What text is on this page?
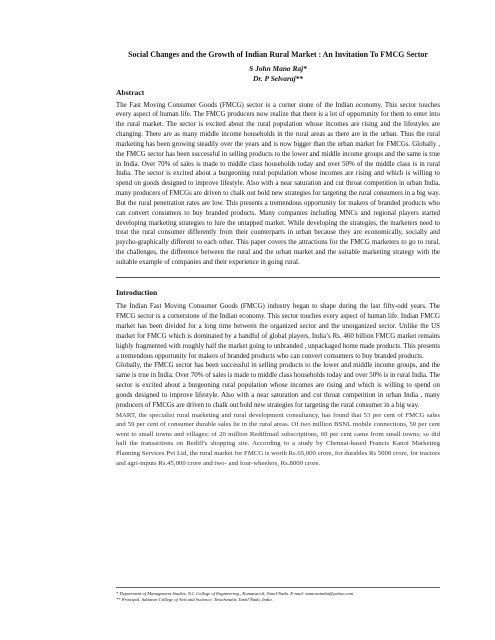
Social Changes and the Growth of Indian Rural Market : An Invitation To FMCG Sector
S John Mano Raj*
Dr. P Selvaraj**
Abstract

The Fast Moving Consumer Goods (FMCG) sector is a corner stone of the Indian economy. This sector touches every aspect of human life. The FMCG producers now realize that there is a lot of opportunity for them to enter into the rural market. The sector is excited about the rural population whose incomes are rising and the lifestyles are changing. There are as many middle income households in the rural areas as there are in the urban. Thus the rural marketing has been growing steadily over the years and is now bigger than the urban market for FMCGs. Globally , the FMCG sector has been successful in selling products to the lower and middle income groups and the same is true in India. Over 70% of sales is made to middle class households today and over 50% of the middle class is in rural India. The sector is excited about a burgeoning rural population whose incomes are rising and which is willing to spend on goods designed to improve lifestyle. Also with a near saturation and cut throat competition in urban India, many producers of FMCGs are driven to chalk out bold new strategies for targeting the rural consumers in a big way. But the rural penetration rates are low. This presents a tremendous opportunity for makers of branded products who can convert consumers to buy branded products. Many companies including MNCs and regional players started developing marketing strategies to lure the untapped market. While developing the strategies, the marketers need to treat the rural consumer differently from their counterparts in urban because they are economically, socially and psycho-graphically different to each other. This paper covers the attractions for the FMCG marketers to go to rural, the challenges, the difference between the rural and the urban market and the suitable marketing strategy with the suitable example of companies and their experience in going rural.

Introduction

The Indian Fast Moving Consumer Goods (FMCG) industry began to shape during the last fifty-odd years. The FMCG sector is a cornerstone of the Indian economy. This sector touches every aspect of human life. Indian FMCG market has been divided for a long time between the organized sector and the unorganized sector. Unlike the US market for FMCG which is dominated by a handful of global players, India’s Rs. 460 billion FMCG market remains highly fragmented with roughly half the market going to unbranded , unpackaged home made products. This presents a tremendous opportunity for makers of branded products who can convert consumers to buy branded products.

Globally, the FMCG sector has been successful in selling products to the lower and middle income groups, and the same is true in India. Over 70% of sales is made to middle class households today and over 50% is in rural India. The sector is excited about a burgeoning rural population whose incomes are rising and which is willing to spend on goods designed to improve lifestyle. Also with a near saturation and cut throat competition in urban India , many producers of FMCGs are driven to chalk out bold new strategies for targeting the rural consumer in a big way.

MART, the specialist rural marketing and rural development consultancy, has found that 53 per cent of FMCG sales and 59 per cent of consumer durable sales lie in the rural areas. Of two million BSNL mobile connections, 50 per cent went to small towns and villages; of 20 million Rediffmail subscriptions, 60 per cent came from small towns; so did half the transactions on Rediff's shopping site. According to a study by Chennai-based Francis Kanoi Marketing Planning Services Pvt Ltd, the rural market for FMCG is worth Rs.65,000 crore, for durables Rs 5000 crore, for tractors and agri-inputs Rs.45,000 crore and two- and four-wheelers, Rs.8000 crore.

* Department of Management Studies, N.I. College of Engineering , Kumaracoil, Tamil Nadu. E-mail: manoraimba@yahoo.com
** Principal, Aditanar College of Arts and Sscience, Tiruchendur, Tamil Nadu, India.
